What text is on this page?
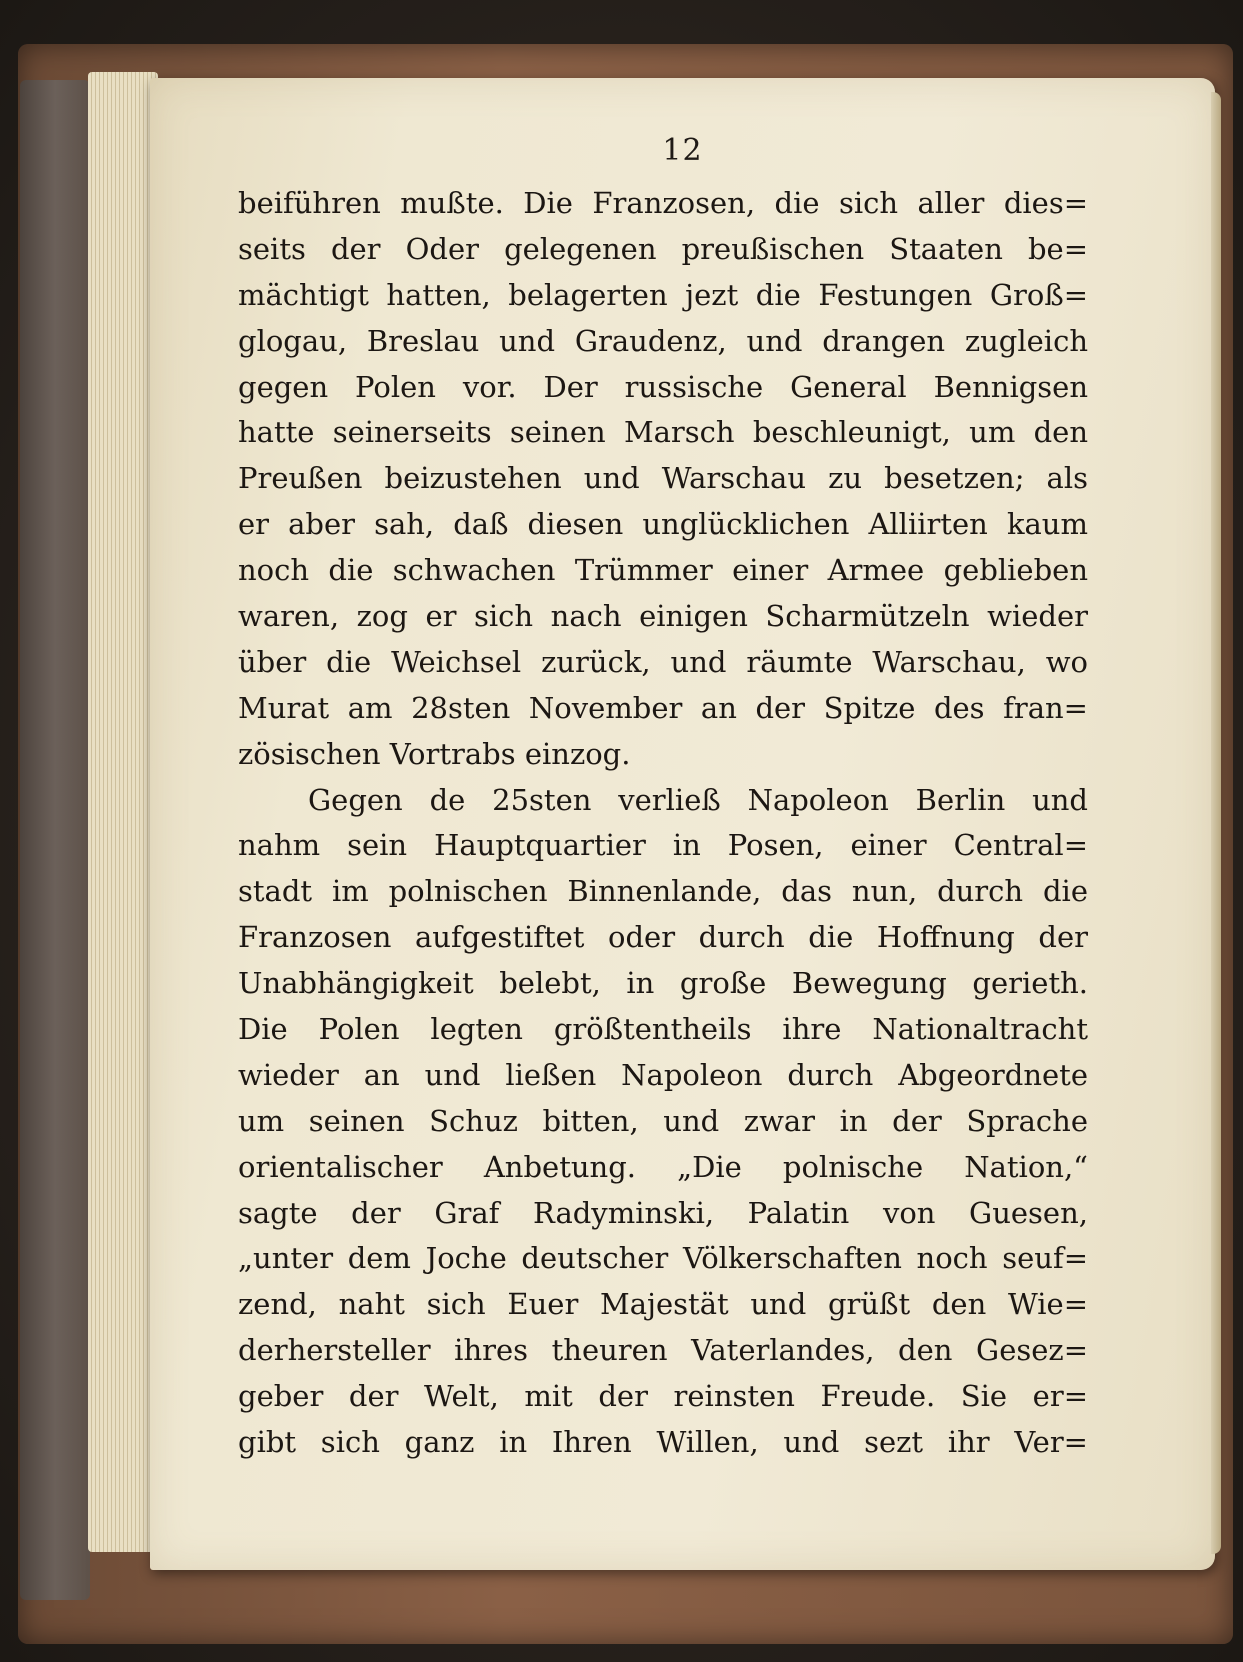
12
beiführen mußte. Die Franzosen, die sich aller dies=
seits der Oder gelegenen preußischen Staaten be=
mächtigt hatten, belagerten jezt die Festungen Groß=
glogau, Breslau und Graudenz, und drangen zugleich
gegen Polen vor. Der russische General Bennigsen
hatte seinerseits seinen Marsch beschleunigt, um den
Preußen beizustehen und Warschau zu besetzen; als
er aber sah, daß diesen unglücklichen Alliirten kaum
noch die schwachen Trümmer einer Armee geblieben
waren, zog er sich nach einigen Scharmützeln wieder
über die Weichsel zurück, und räumte Warschau, wo
Murat am 28sten November an der Spitze des fran=
zösischen Vortrabs einzog.
Gegen de 25sten verließ Napoleon Berlin und
nahm sein Hauptquartier in Posen, einer Central=
stadt im polnischen Binnenlande, das nun, durch die
Franzosen aufgestiftet oder durch die Hoffnung der
Unabhängigkeit belebt, in große Bewegung gerieth.
Die Polen legten größtentheils ihre Nationaltracht
wieder an und ließen Napoleon durch Abgeordnete
um seinen Schuz bitten, und zwar in der Sprache
orientalischer Anbetung. „Die polnische Nation,“
sagte der Graf Radyminski, Palatin von Guesen,
„unter dem Joche deutscher Völkerschaften noch seuf=
zend, naht sich Euer Majestät und grüßt den Wie=
derhersteller ihres theuren Vaterlandes, den Gesez=
geber der Welt, mit der reinsten Freude. Sie er=
gibt sich ganz in Ihren Willen, und sezt ihr Ver=
